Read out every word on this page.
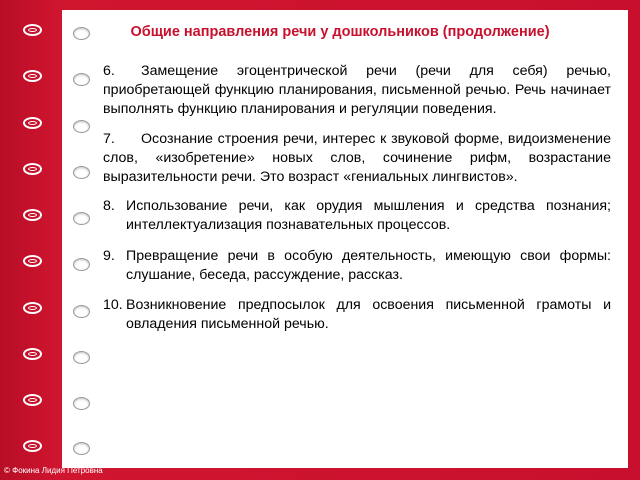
Общие направления речи у дошкольников (продолжение)

6. Замещение эгоцентрической речи (речи для себя) речью, приобретающей функцию планирования, письменной речью. Речь начинает выполнять функцию планирования и регуляции поведения.

7. Осознание строения речи, интерес к звуковой форме, видоизменение слов, «изобретение» новых слов, сочинение рифм, возрастание выразительности речи. Это возраст «гениальных лингвистов».

8. Использование речи, как орудия мышления и средства познания; интеллектуализация познавательных процессов.
9. Превращение речи в особую деятельность, имеющую свои формы: слушание, беседа, рассуждение, рассказ.
10. Возникновение предпосылок для освоения письменной грамоты и овладения письменной речью.
© Фокина Лидия Петровна
